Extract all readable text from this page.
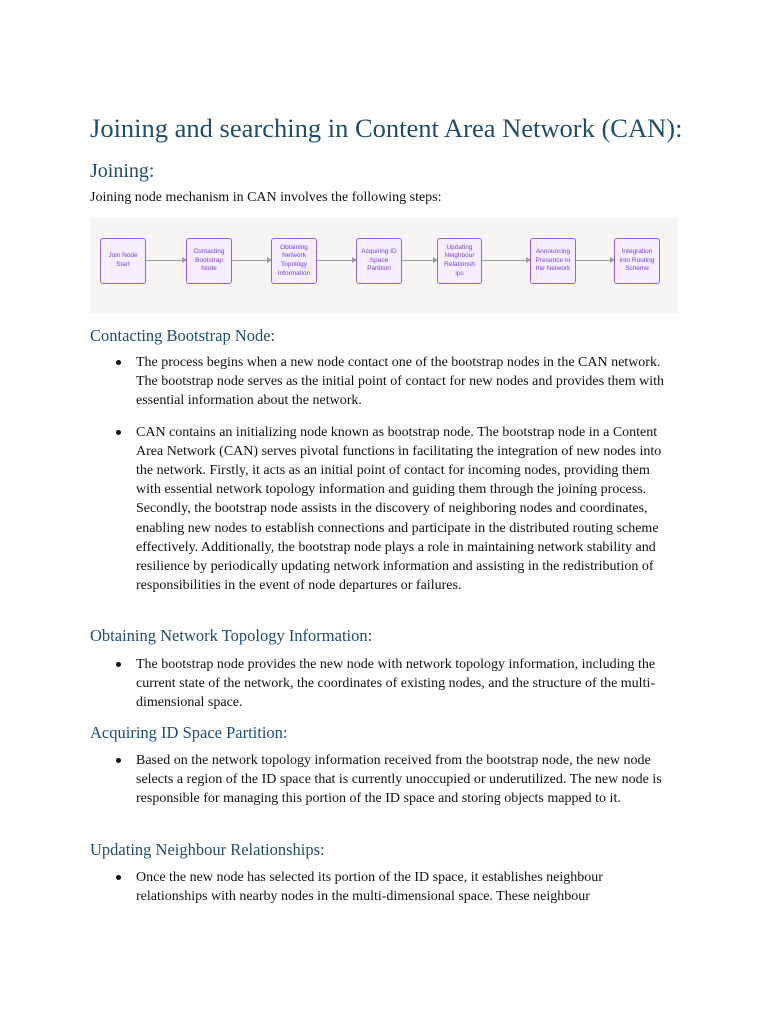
Joining and searching in Content Area Network (CAN):
Joining:

Joining node mechanism in CAN involves the following steps:

Join Node
Start
Contacting
Bootstrap
Node
Obtaining
Network
Topology
Information
Acquiring ID
Space
Partition
Updating
Neighbour
Relationsh
ips
Announcing
Presence to
the Network
Integration
into Routing
Scheme
Contacting Bootstrap Node:
The process begins when a new node contact one of the bootstrap nodes in the CAN network. The bootstrap node serves as the initial point of contact for new nodes and provides them with essential information about the network.
CAN contains an initializing node known as bootstrap node. The bootstrap node in a Content Area Network (CAN) serves pivotal functions in facilitating the integration of new nodes into the network. Firstly, it acts as an initial point of contact for incoming nodes, providing them with essential network topology information and guiding them through the joining process. Secondly, the bootstrap node assists in the discovery of neighboring nodes and coordinates, enabling new nodes to establish connections and participate in the distributed routing scheme effectively. Additionally, the bootstrap node plays a role in maintaining network stability and resilience by periodically updating network information and assisting in the redistribution of responsibilities in the event of node departures or failures.
Obtaining Network Topology Information:
The bootstrap node provides the new node with network topology information, including the current state of the network, the coordinates of existing nodes, and the structure of the multi-dimensional space.
Acquiring ID Space Partition:
Based on the network topology information received from the bootstrap node, the new node selects a region of the ID space that is currently unoccupied or underutilized. The new node is responsible for managing this portion of the ID space and storing objects mapped to it.
Updating Neighbour Relationships:
Once the new node has selected its portion of the ID space, it establishes neighbour relationships with nearby nodes in the multi-dimensional space. These neighbour
